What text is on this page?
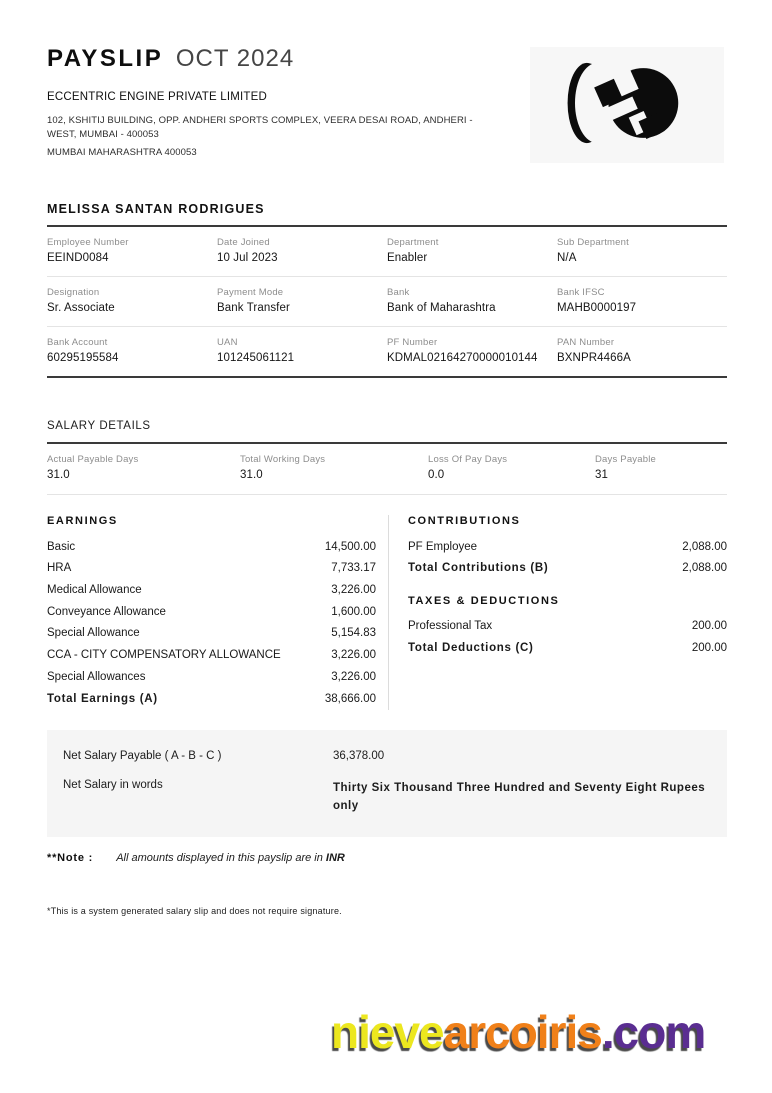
PAYSLIP OCT 2024
ECCENTRIC ENGINE PRIVATE LIMITED
102, KSHITIJ BUILDING, OPP. ANDHERI SPORTS COMPLEX, VEERA DESAI ROAD, ANDHERI - WEST, MUMBAI - 400053
MUMBAI MAHARASHTRA 400053
MELISSA SANTAN RODRIGUES
Employee Number
EEIND0084
Date Joined
10 Jul 2023
Department
Enabler
Sub Department
N/A
Designation
Sr. Associate
Payment Mode
Bank Transfer
Bank
Bank of Maharashtra
Bank IFSC
MAHB0000197
Bank Account
60295195584
UAN
101245061121
PF Number
KDMAL02164270000010144
PAN Number
BXNPR4466A
SALARY DETAILS
Actual Payable Days
31.0
Total Working Days
31.0
Loss Of Pay Days
0.0
Days Payable
31
EARNINGS
Basic	14,500.00
HRA	7,733.17
Medical Allowance	3,226.00
Conveyance Allowance	1,600.00
Special Allowance	5,154.83
CCA - CITY COMPENSATORY ALLOWANCE	3,226.00
Special Allowances	3,226.00
Total Earnings (A)	38,666.00
CONTRIBUTIONS
PF Employee	2,088.00
Total Contributions (B)	2,088.00
TAXES & DEDUCTIONS
Professional Tax	200.00
Total Deductions (C)	200.00
Net Salary Payable ( A - B - C )	36,378.00
Net Salary in words	Thirty Six Thousand Three Hundred and Seventy Eight Rupees only
**Note : All amounts displayed in this payslip are in INR
*This is a system generated salary slip and does not require signature.
nievearcoiris.com
